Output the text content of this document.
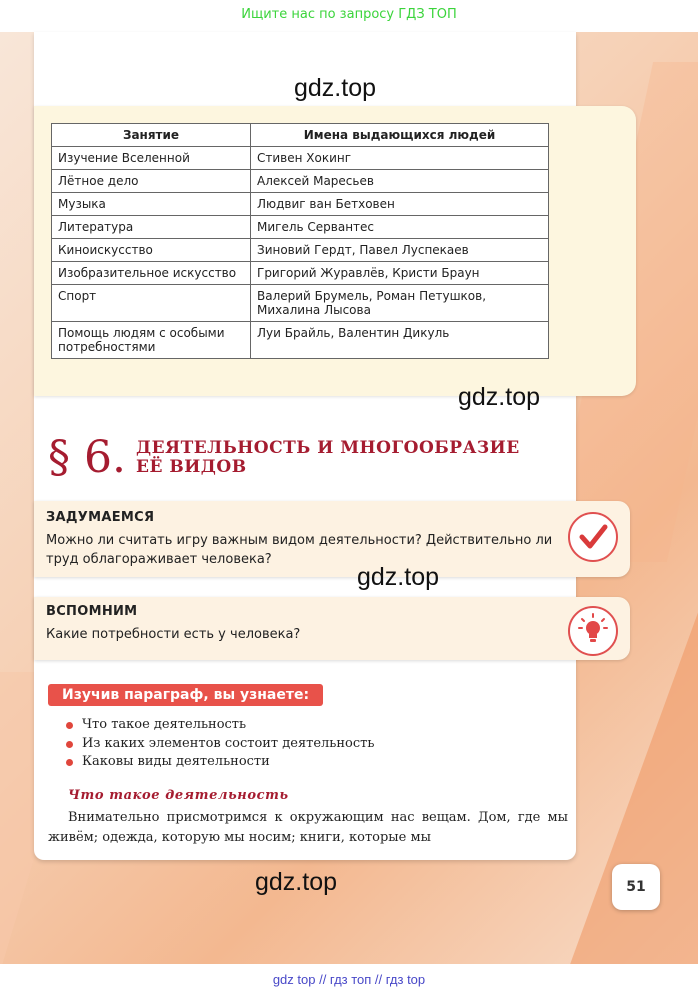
Ищите нас по запросу ГДЗ ТОП
Занятие	Имена выдающихся людей
Изучение Вселенной	Стивен Хокинг
Лётное дело	Алексей Маресьев
Музыка	Людвиг ван Бетховен
Литература	Мигель Сервантес
Киноискусство	Зиновий Гердт, Павел Луспекаев
Изобразительное искусство	Григорий Журавлёв, Кристи Браун
Спорт	Валерий Брумель, Роман Петушков, Михалина Лысова
Помощь людям с особыми потребностями	Луи Брайль, Валентин Дикуль
§ 6. ДЕЯТЕЛЬНОСТЬ И МНОГООБРАЗИЕ
ЕЁ ВИДОВ
ЗАДУМАЕМСЯ
Можно ли считать игру важным видом деятельности? Действительно ли труд облагораживает человека?
ВСПОМНИМ
Какие потребности есть у человека?
Изучив параграф, вы узнаете:
Что такое деятельность
Из каких элементов состоит деятельность
Каковы виды деятельности
Что такое деятельность
Внимательно присмотримся к окружающим нас вещам. Дом, где мы живём; одежда, которую мы носим; книги, которые мы
gdz.top
gdz.top
gdz.top
gdz.top	51
gdz top // гдз топ // гдз top
